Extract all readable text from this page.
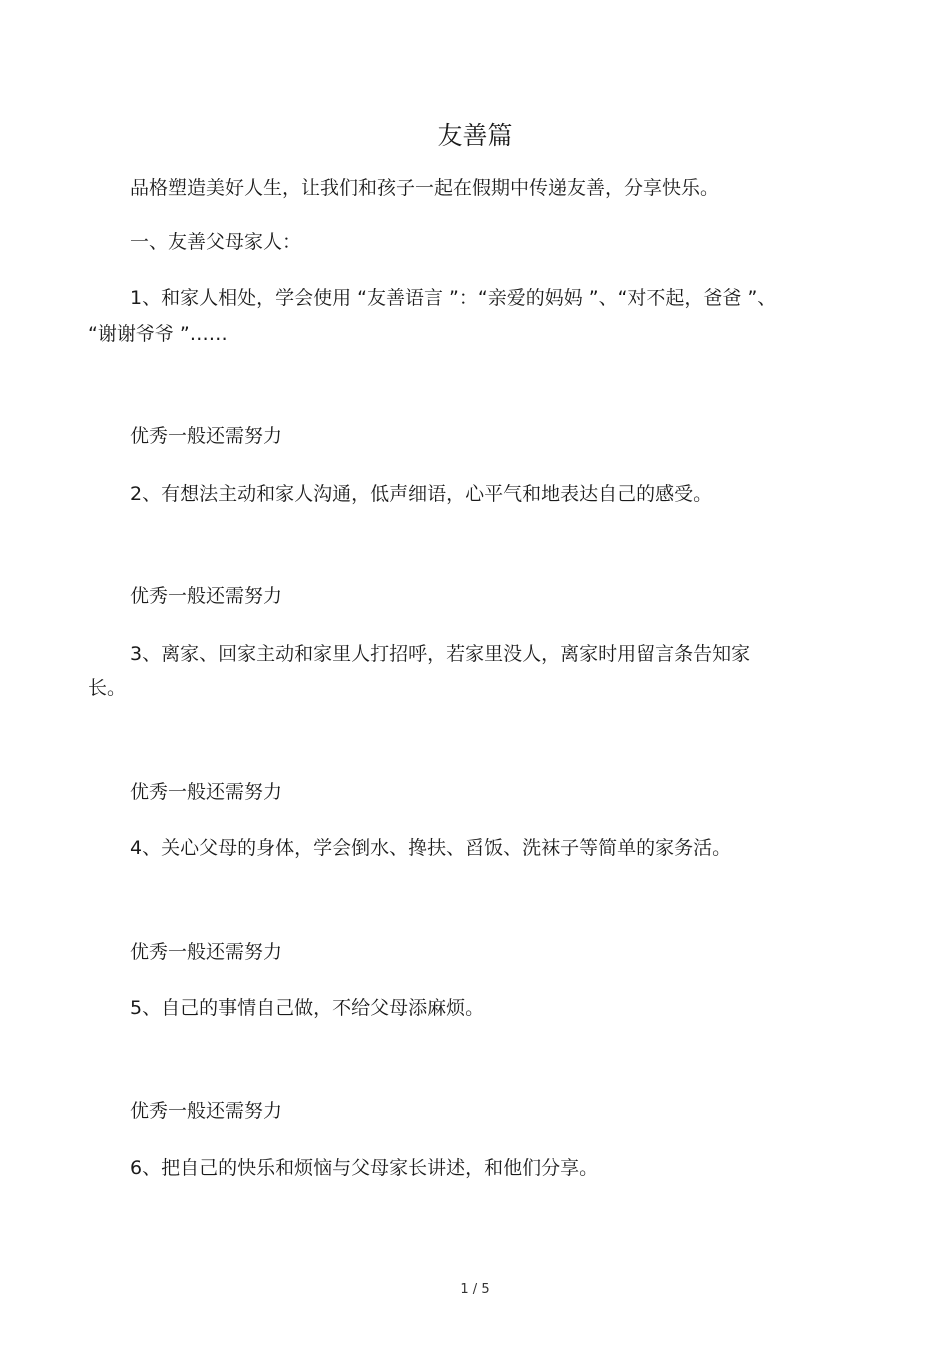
友善篇
品格塑造美好人生，让我们和孩子一起在假期中传递友善，分享快乐。
一、友善父母家人：
1、和家人相处，学会使用 “友善语言 ”：“亲爱的妈妈 ”、“对不起，爸爸 ”、
“谢谢爷爷 ”……
优秀一般还需努力
2、有想法主动和家人沟通，低声细语，心平气和地表达自己的感受。
优秀一般还需努力
3、离家、回家主动和家里人打招呼，若家里没人，离家时用留言条告知家
长。
优秀一般还需努力
4、关心父母的身体，学会倒水、搀扶、舀饭、洗袜子等简单的家务活。
优秀一般还需努力
5、自己的事情自己做，不给父母添麻烦。
优秀一般还需努力
6、把自己的快乐和烦恼与父母家长讲述，和他们分享。
1 / 5
